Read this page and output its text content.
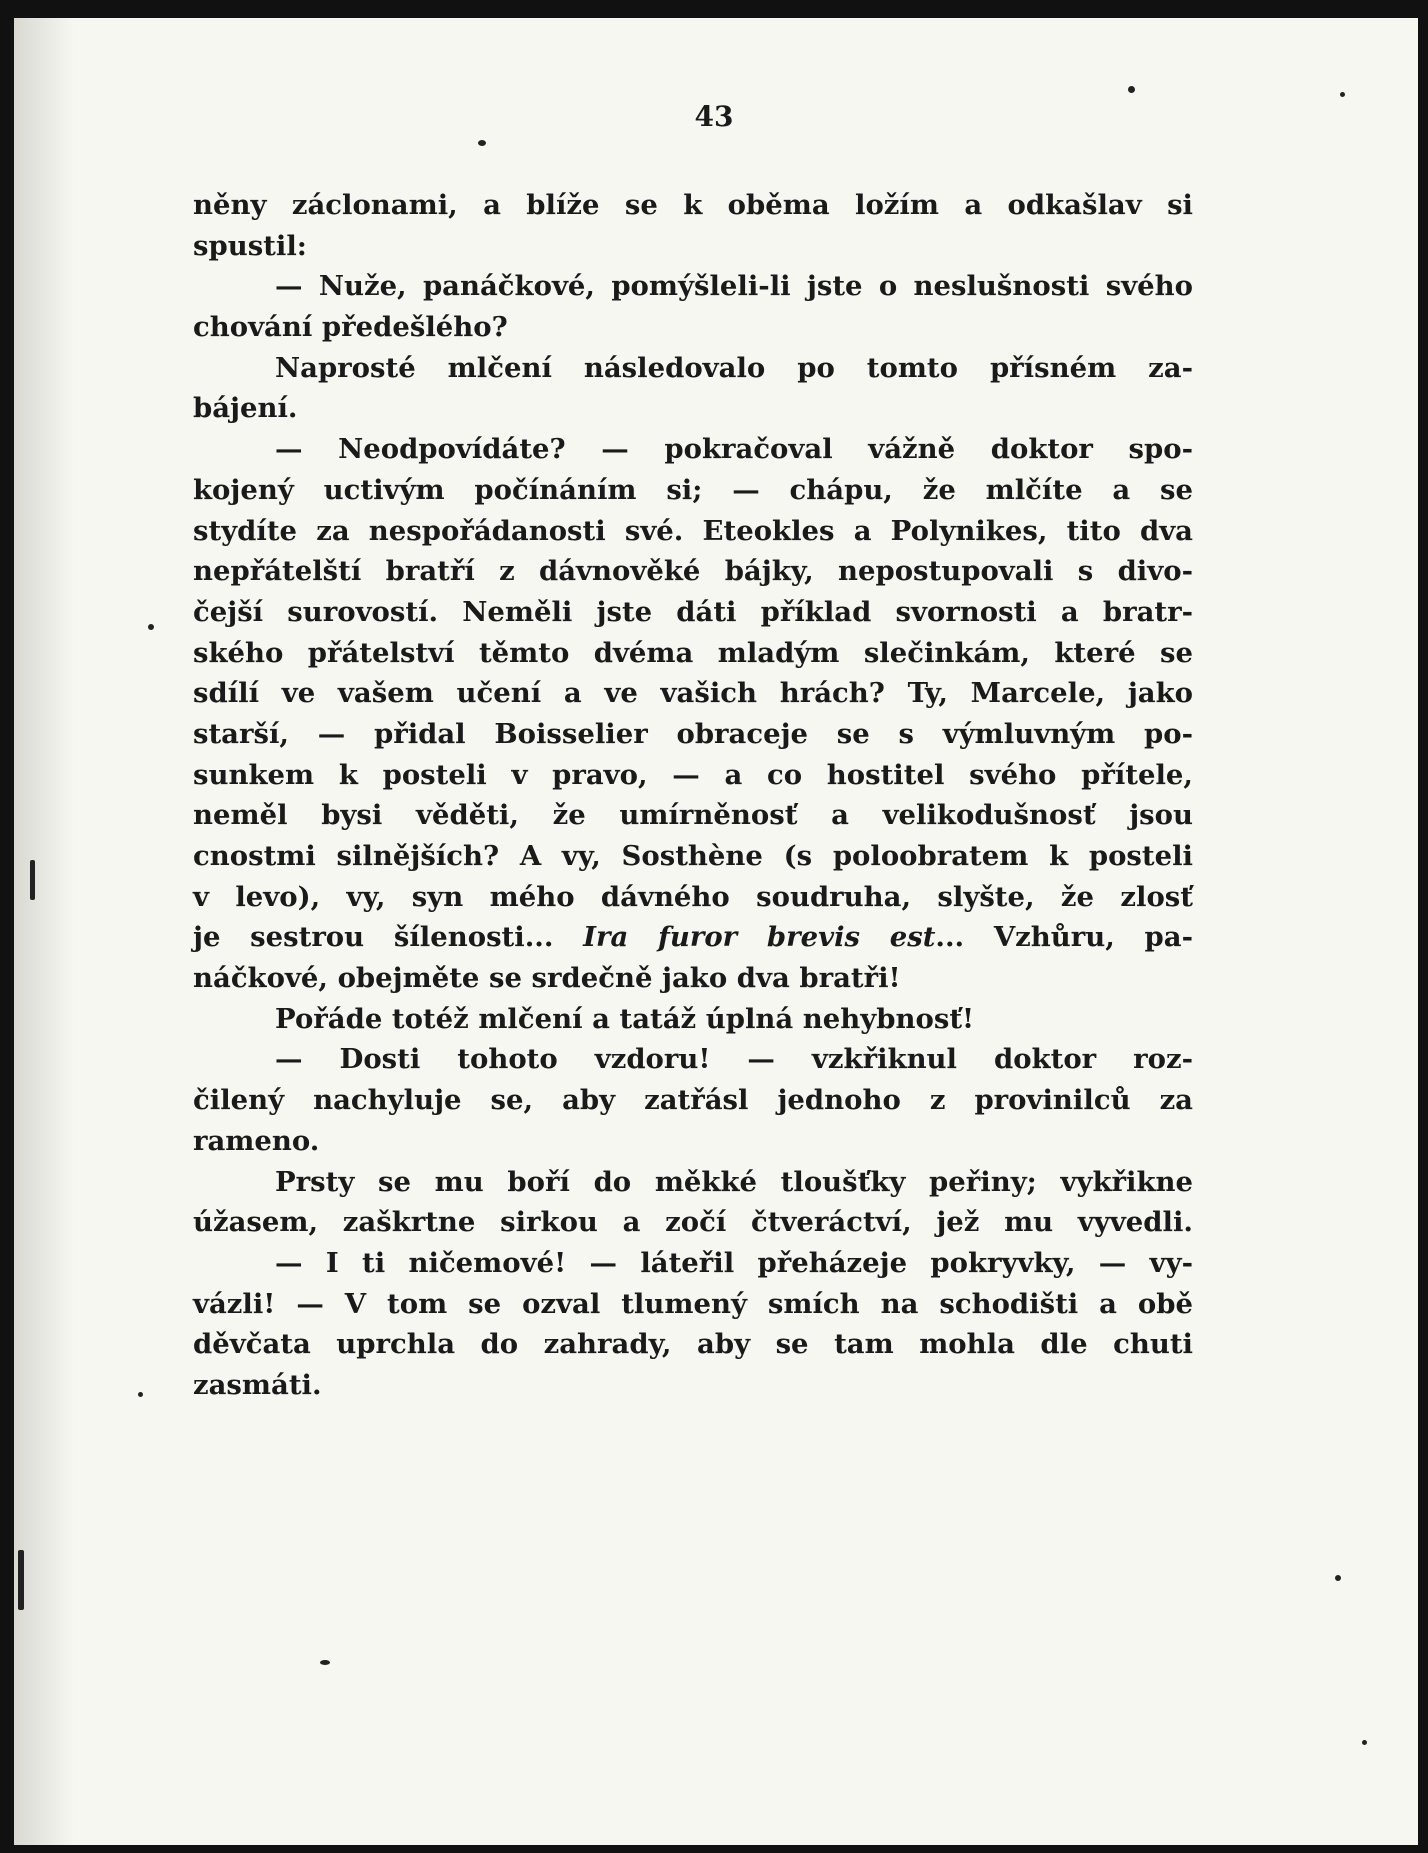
43
něny záclonami, a blíže se k oběma ložím a odkašlav si
spustil:
— Nuže, panáčkové, pomýšleli-li jste o neslušnosti svého
chování předešlého?
Naprosté mlčení následovalo po tomto přísném za-
bájení.
— Neodpovídáte? — pokračoval vážně doktor spo-
kojený uctivým počínáním si; — chápu, že mlčíte a se
stydíte za nespořádanosti své. Eteokles a Polynikes, tito dva
nepřátelští bratří z dávnověké bájky, nepostupovali s divo-
čejší surovostí. Neměli jste dáti příklad svornosti a bratr-
ského přátelství těmto dvéma mladým slečinkám, které se
sdílí ve vašem učení a ve vašich hrách? Ty, Marcele, jako
starší, — přidal Boisselier obraceje se s výmluvným po-
sunkem k posteli v pravo, — a co hostitel svého přítele,
neměl bysi věděti, že umírněnosť a velikodušnosť jsou
cnostmi silnějších? A vy, Sosthène (s poloobratem k posteli
v levo), vy, syn mého dávného soudruha, slyšte, že zlosť
je sestrou šílenosti... Ira furor brevis est... Vzhůru, pa-
náčkové, obejměte se srdečně jako dva bratři!
Pořáde totéž mlčení a tatáž úplná nehybnosť!
— Dosti tohoto vzdoru! — vzkřiknul doktor roz-
čilený nachyluje se, aby zatřásl jednoho z provinilců za
rameno.
Prsty se mu boří do měkké tloušťky peřiny; vykřikne
úžasem, zaškrtne sirkou a zočí čtveráctví, jež mu vyvedli.
— I ti ničemové! — láteřil přeházeje pokryvky, — vy-
vázli! — V tom se ozval tlumený smích na schodišti a obě
děvčata uprchla do zahrady, aby se tam mohla dle chuti
zasmáti.
